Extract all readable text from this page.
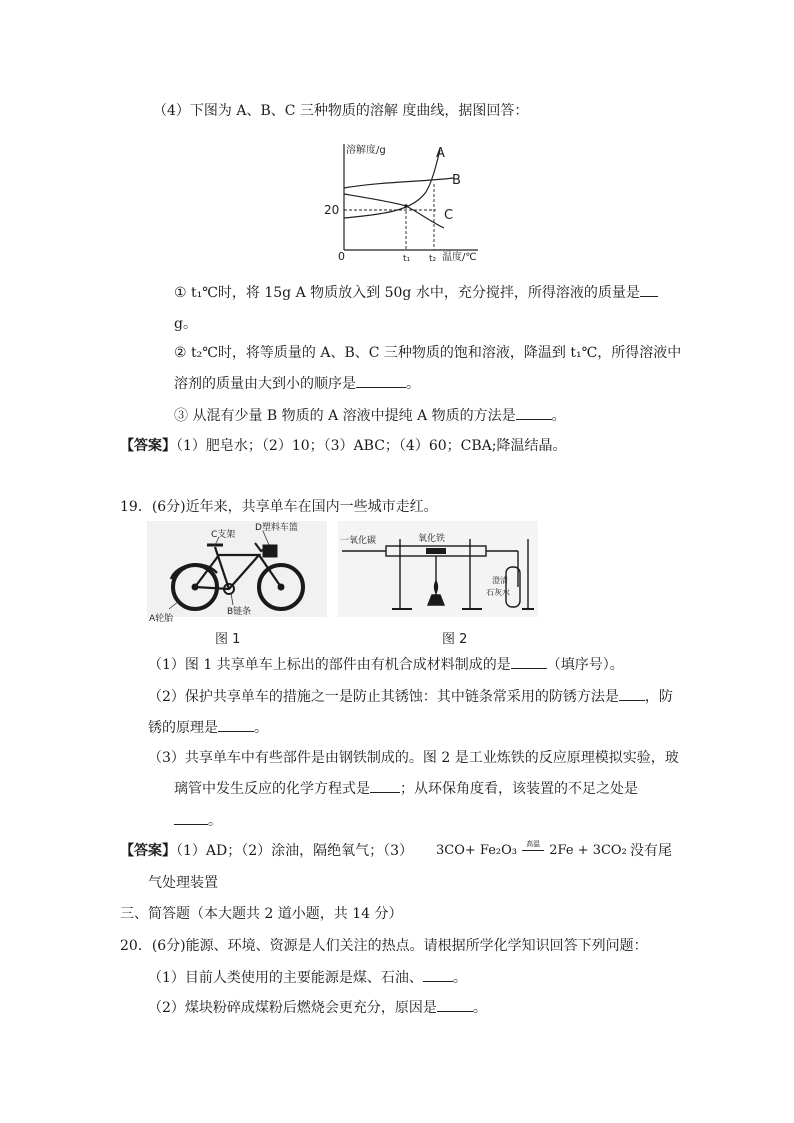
（4）下图为 A、B、C 三种物质的溶解 度曲线，据图回答：
溶解度/g
温度/℃
0
20
t₁ t₂
A
B
C
① t₁℃时，将 15g A 物质放入到 50g 水中，充分搅拌，所得溶液的质量是
g。
② t₂℃时，将等质量的 A、B、C 三种物质的饱和溶液，降温到 t₁℃，所得溶液中
溶剂的质量由大到小的顺序是	。
③ 从混有少量 B 物质的 A 溶液中提纯 A 物质的方法是	。
【答案】（1）肥皂水；（2）10；（3）ABC；（4）60；CBA;降温结晶。
19．(6分)近年来，共享单车在国内一些城市走红。
C支架
D塑料车篮
B链条
A轮胎
图 1
一氧化碳	氧化铁
澄清
石灰水
图 2
（1）图 1 共享单车上标出的部件由有机合成材料制成的是	（填序号）。
（2）保护共享单车的措施之一是防止其锈蚀：其中链条常采用的防锈方法是 ，防
锈的原理是	。
（3）共享单车中有些部件是由钢铁制成的。图 2 是工业炼铁的反应原理模拟实验，玻
璃管中发生反应的化学方程式是 ；从环保角度看，该装置的不足之处是
。
【答案】（1）AD；（2）涂油，隔绝氧气；（3） 3CO+ Fe₂O₃	高温 2Fe + 3CO₂ 没有尾
气处理装置
三、简答题（本大题共 2 道小题，共 14 分）
20．(6分)能源、环境、资源是人们关注的热点。请根据所学化学知识回答下列问题：
（1）目前人类使用的主要能源是煤、石油、 。
（2）煤块粉碎成煤粉后燃烧会更充分，原因是	。
